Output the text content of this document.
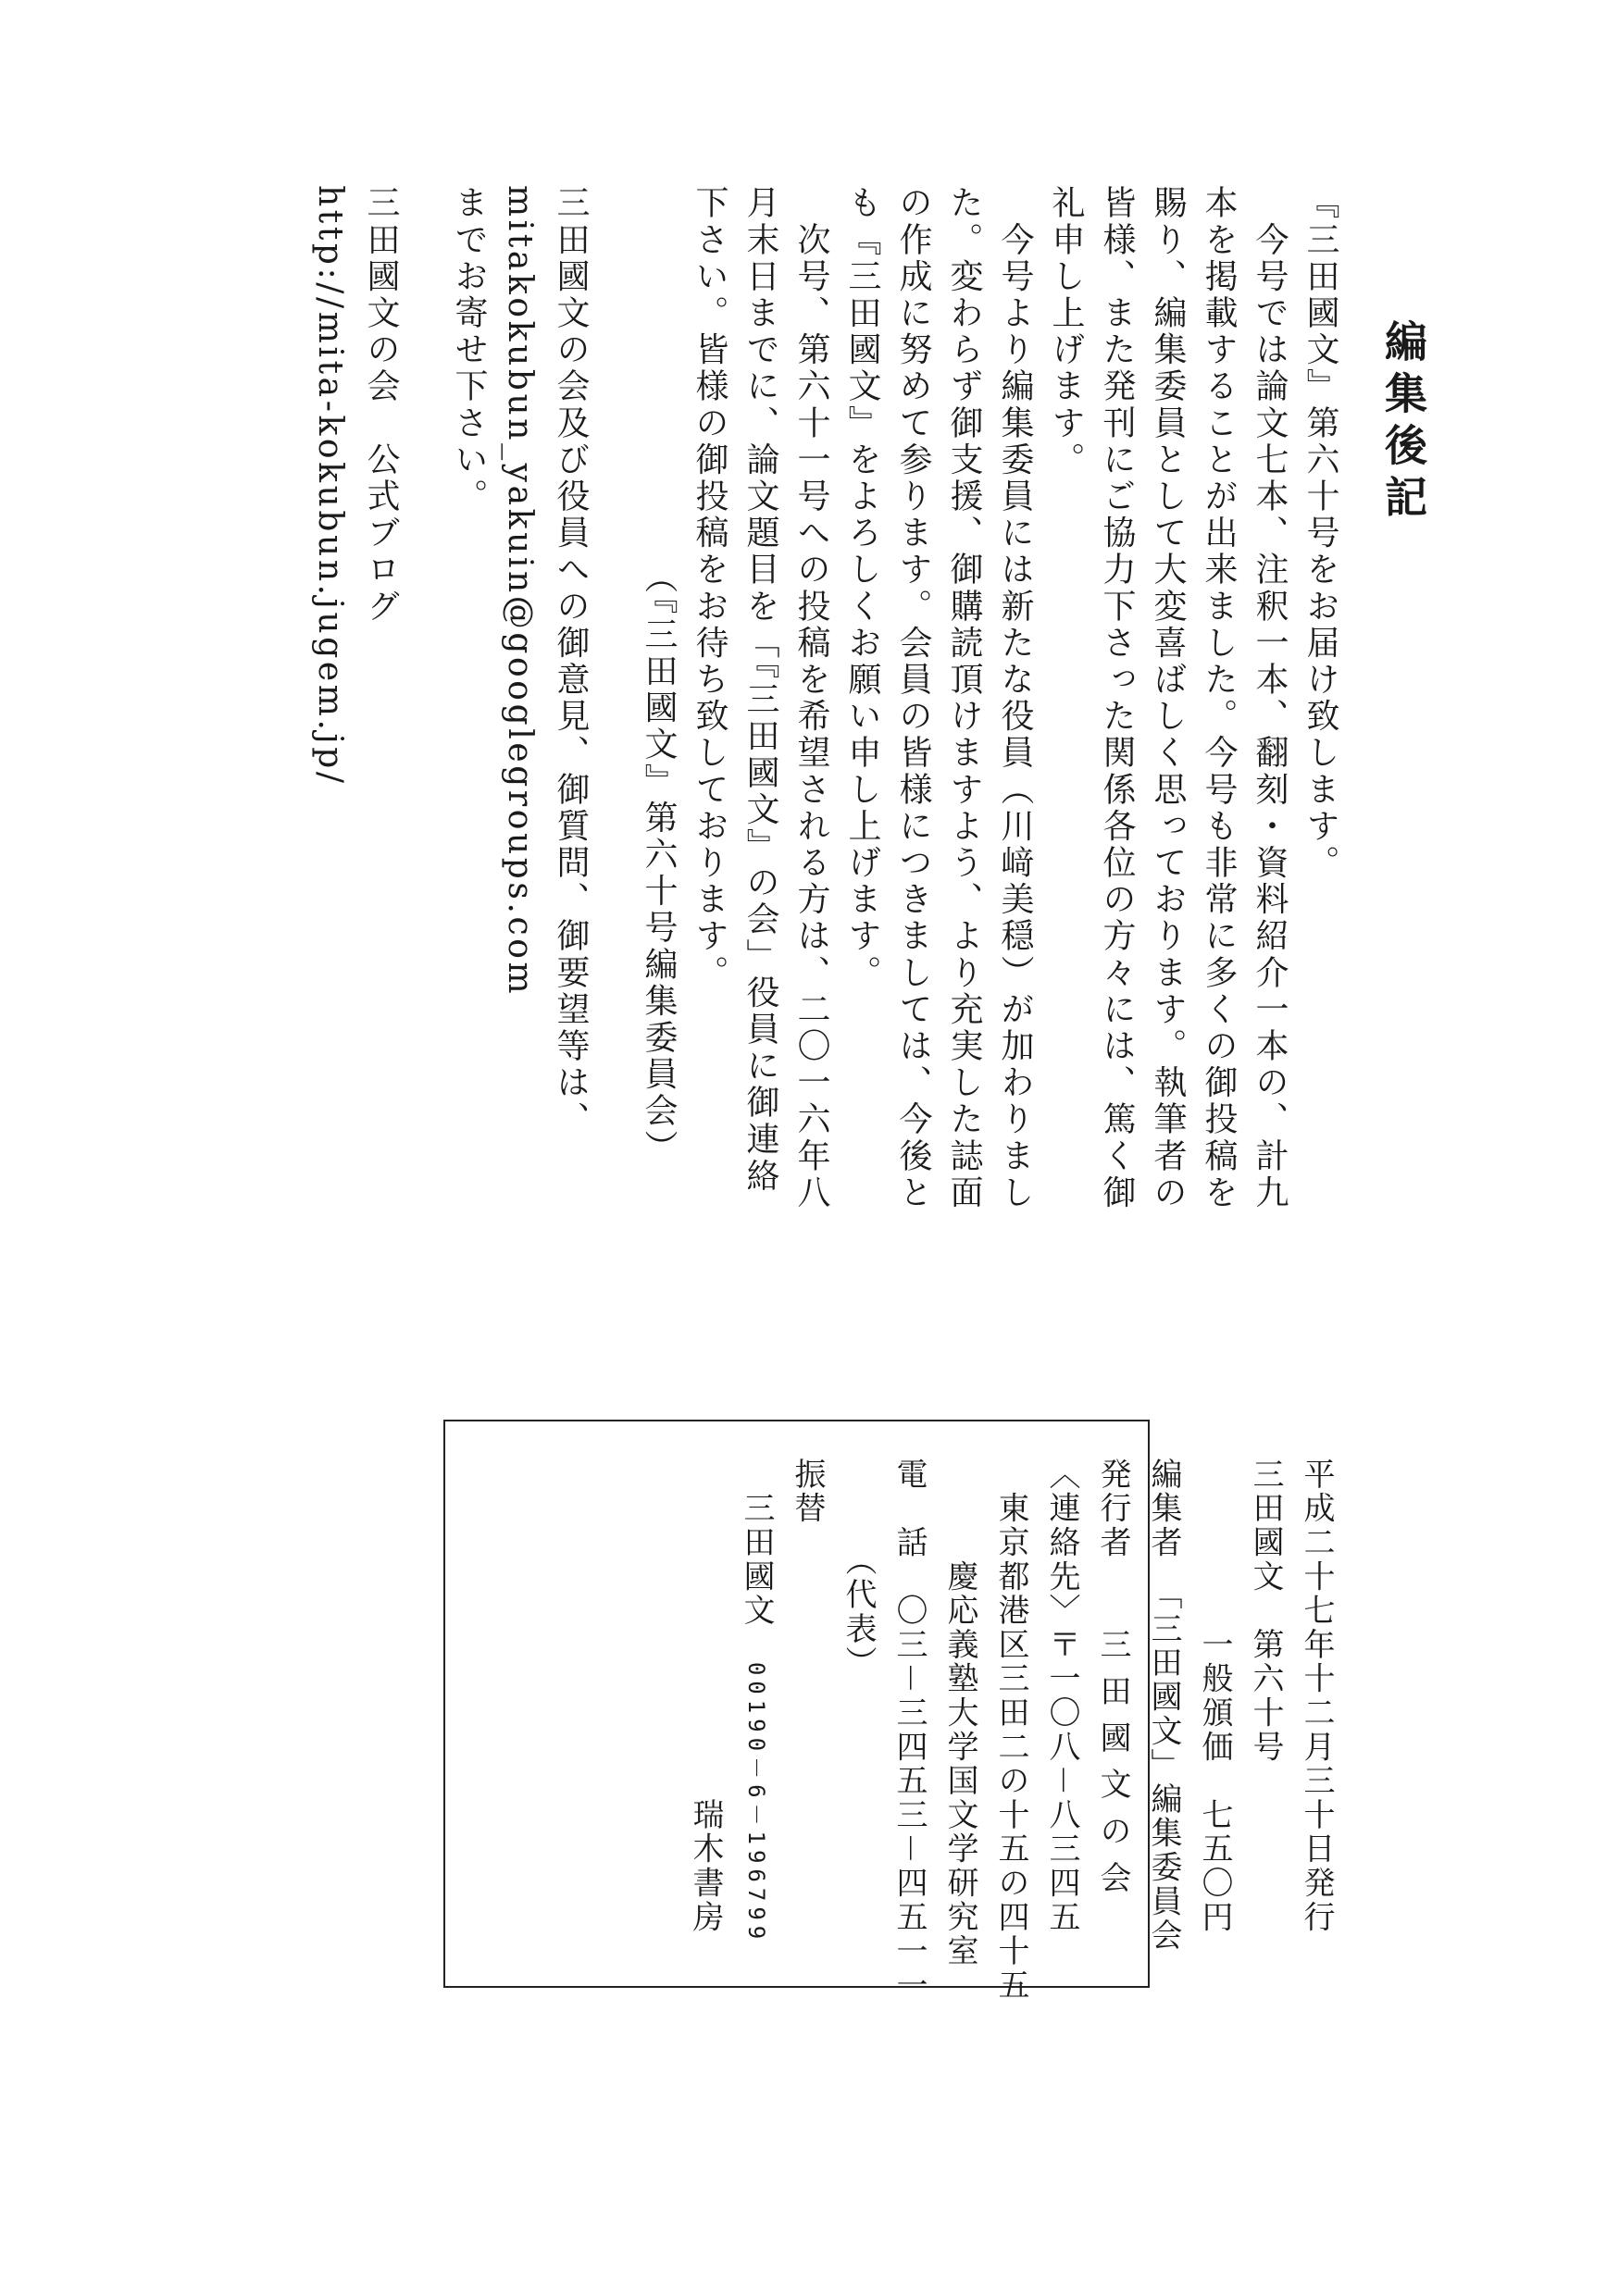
編集後記
『三田國文』第六十号をお届け致します。
　今号では論文七本、注釈一本、翻刻・資料紹介一本の、計九
本を掲載することが出来ました。今号も非常に多くの御投稿を
賜り、編集委員として大変喜ばしく思っております。執筆者の
皆様、また発刊にご協力下さった関係各位の方々には、篤く御
礼申し上げます。
　今号より編集委員には新たな役員（川﨑美穏）が加わりまし
た。変わらず御支援、御購読頂けますよう、より充実した誌面
の作成に努めて参ります。会員の皆様につきましては、今後と
も『三田國文』をよろしくお願い申し上げます。
　次号、第六十一号への投稿を希望される方は、二〇一六年八
月末日までに、論文題目を「『三田國文』の会」役員に御連絡
下さい。皆様の御投稿をお待ち致しております。
（『三田國文』第六十号編集委員会）
三田國文の会及び役員への御意見、御質問、御要望等は、
mitakokubun_yakuin@googlegroups.com
までお寄せ下さい。
三田國文の会　公式ブログ
http://mita-kokubun.jugem.jp/
平成二十七年十二月三十日発行
三田國文　第六十号
　　　　　一般頒価　七五〇円
編集者　「三田國文」編集委員会
発行者　　三 田 國 文 の 会
〈連絡先〉〒一〇八－八三四五
　東京都港区三田二の十五の四十五
　　　慶応義塾大学国文学研究室
電　話　〇三－三四五三－四五一一
　　　（代表）
振替
　三田國文　00190－6－196799
　　　　　　　　　　瑞木書房
